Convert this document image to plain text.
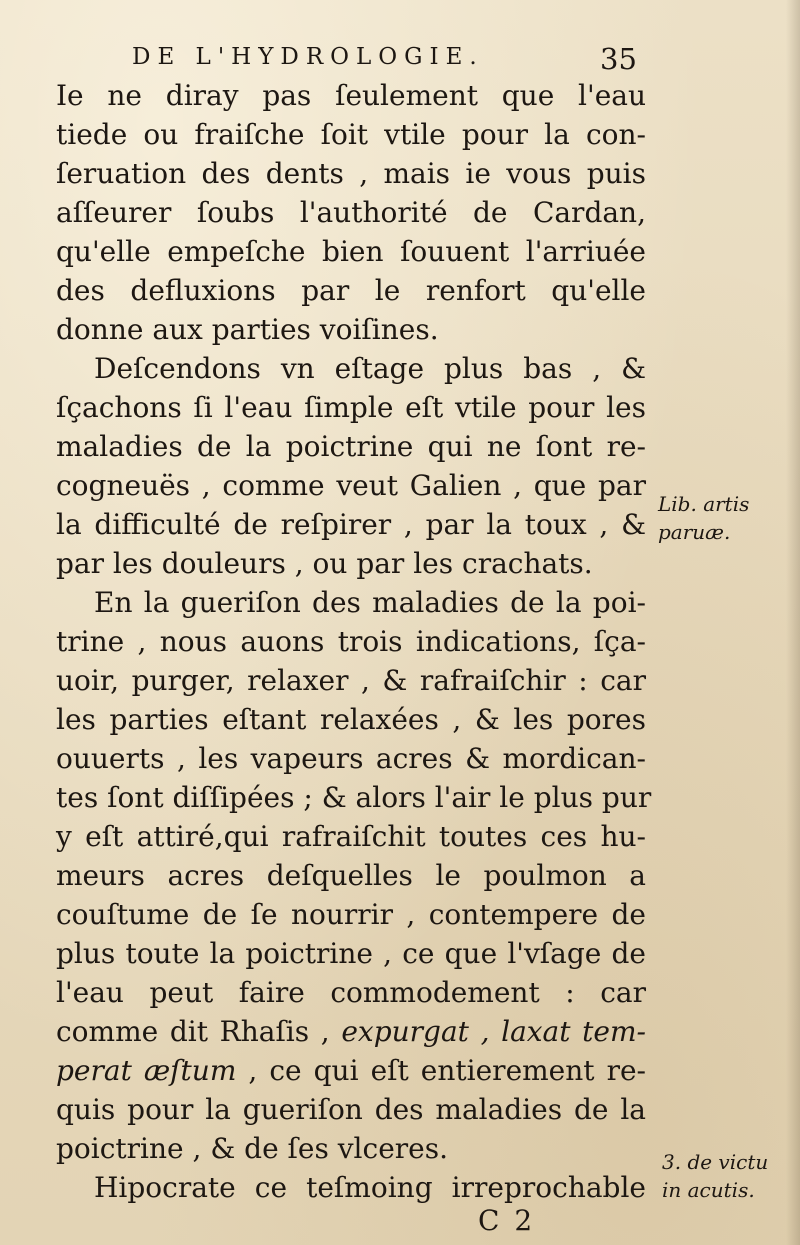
DE L'HYDROLOGIE.	35
Ie ne diray pas ſeulement que l'eau
tiede ou fraiſche ſoit vtile pour la con-
ſeruation des dents , mais ie vous puis
aſſeurer ſoubs l'authorité de Cardan,
qu'elle empeſche bien ſouuent l'arriuée
des defluxions par le renfort qu'elle
donne aux parties voiſines.
Deſcendons vn eſtage plus bas , &
ſçachons ſi l'eau ſimple eſt vtile pour les
maladies de la poictrine qui ne ſont re-
cogneuës , comme veut Galien , que par
la difficulté de reſpirer , par la toux , &
par les douleurs , ou par les crachats.
En la gueriſon des maladies de la poi-
trine , nous auons trois indications, ſça-
uoir, purger, relaxer , & rafraiſchir : car
les parties eſtant relaxées , & les pores
ouuerts , les vapeurs acres & mordican-
tes ſont diſſipées ; & alors l'air le plus pur
y eſt attiré,qui rafraiſchit toutes ces hu-
meurs acres deſquelles le poulmon a
couſtume de ſe nourrir , contempere de
plus toute la poictrine , ce que l'vſage de
l'eau peut faire commodement : car
comme dit Rhaſis , expurgat , laxat tem-
perat æſtum , ce qui eſt entierement re-
quis pour la gueriſon des maladies de la
poictrine , & de ſes vlceres.
Hipocrate ce teſmoing irreprochable
Lib. artis
paruæ.
3. de victu
in acutis.
C 2
